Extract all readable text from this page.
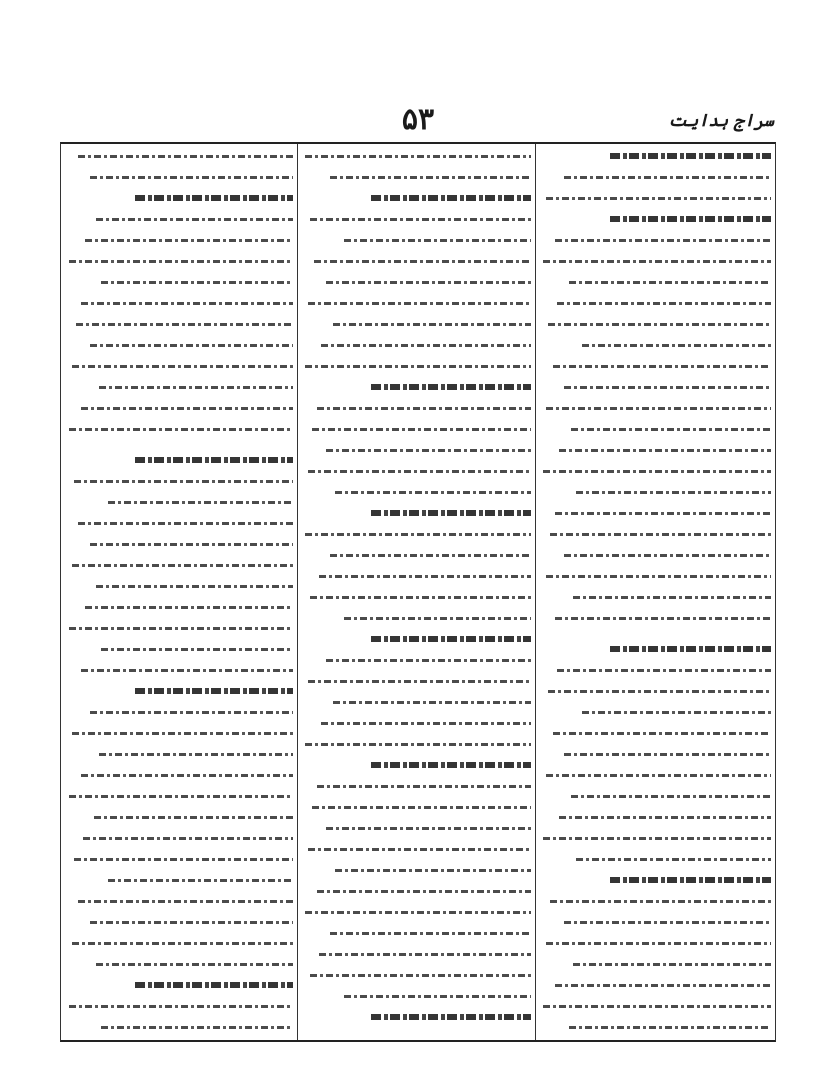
سراج ہدایت
۵۳
